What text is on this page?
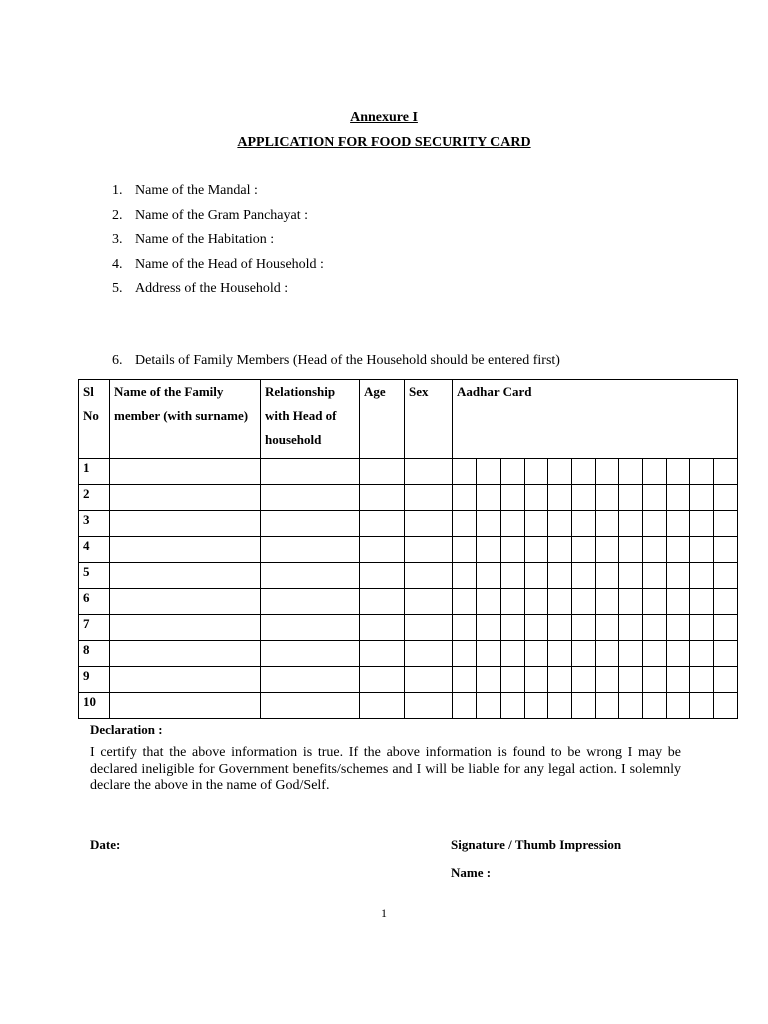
Annexure I
APPLICATION FOR FOOD SECURITY CARD
1. Name of the Mandal :
2. Name of the Gram Panchayat :
3. Name of the Habitation :
4. Name of the Head of Household :
5. Address of the Household :
6. Details of Family Members (Head of the Household should be entered first)
Sl No	Name of the Family member (with surname)	Relationship with Head of household	Age	Sex	Aadhar Card											
1																
2																
3																
4																
5																
6																
7																
8																
9																
10																
Declaration :
I certify that the above information is true. If the above information is found to be wrong I may be declared ineligible for Government benefits/schemes and I will be liable for any legal action. I solemnly declare the above in the name of God/Self.
Date:	Signature / Thumb Impression
Name :
1
